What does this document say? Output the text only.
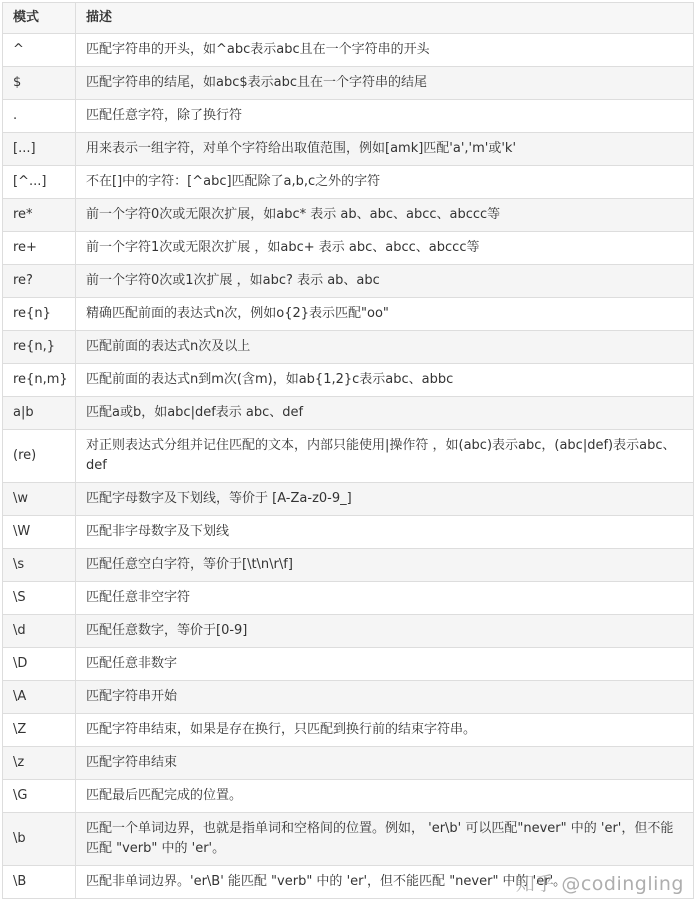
模式	描述
^	匹配字符串的开头，如^abc表示abc且在一个字符串的开头
$	匹配字符串的结尾，如abc$表示abc且在一个字符串的结尾
.	匹配任意字符，除了换行符
[...]	用来表示一组字符，对单个字符给出取值范围，例如[amk]匹配'a','m'或'k'
[^...]	不在[]中的字符：[^abc]匹配除了a,b,c之外的字符
re*	前一个字符0次或无限次扩展，如abc* 表示 ab、abc、abcc、abccc等
re+	前一个字符1次或无限次扩展 ，如abc+ 表示 abc、abcc、abccc等
re?	前一个字符0次或1次扩展 ，如abc? 表示 ab、abc
re{n}	精确匹配前面的表达式n次，例如o{2}表示匹配"oo"
re{n,}	匹配前面的表达式n次及以上
re{n,m}	匹配前面的表达式n到m次(含m)，如ab{1,2}c表示abc、abbc
a|b	匹配a或b，如abc|def表示 abc、def
(re)	对正则表达式分组并记住匹配的文本，内部只能使用|操作符 ，如(abc)表示abc，(abc|def)表示abc、def
\w	匹配字母数字及下划线，等价于 [A-Za-z0-9_]
\W	匹配非字母数字及下划线
\s	匹配任意空白字符，等价于[\t\n\r\f]
\S	匹配任意非空字符
\d	匹配任意数字，等价于[0-9]
\D	匹配任意非数字
\A	匹配字符串开始
\Z	匹配字符串结束，如果是存在换行，只匹配到换行前的结束字符串。
\z	匹配字符串结束
\G	匹配最后匹配完成的位置。
\b	匹配一个单词边界，也就是指单词和空格间的位置。例如， 'er\b' 可以匹配"never" 中的 'er'，但不能匹配 "verb" 中的 'er'。
\B	匹配非单词边界。'er\B' 能匹配 "verb" 中的 'er'，但不能匹配 "never" 中的 'er'。
知乎 @codingling
